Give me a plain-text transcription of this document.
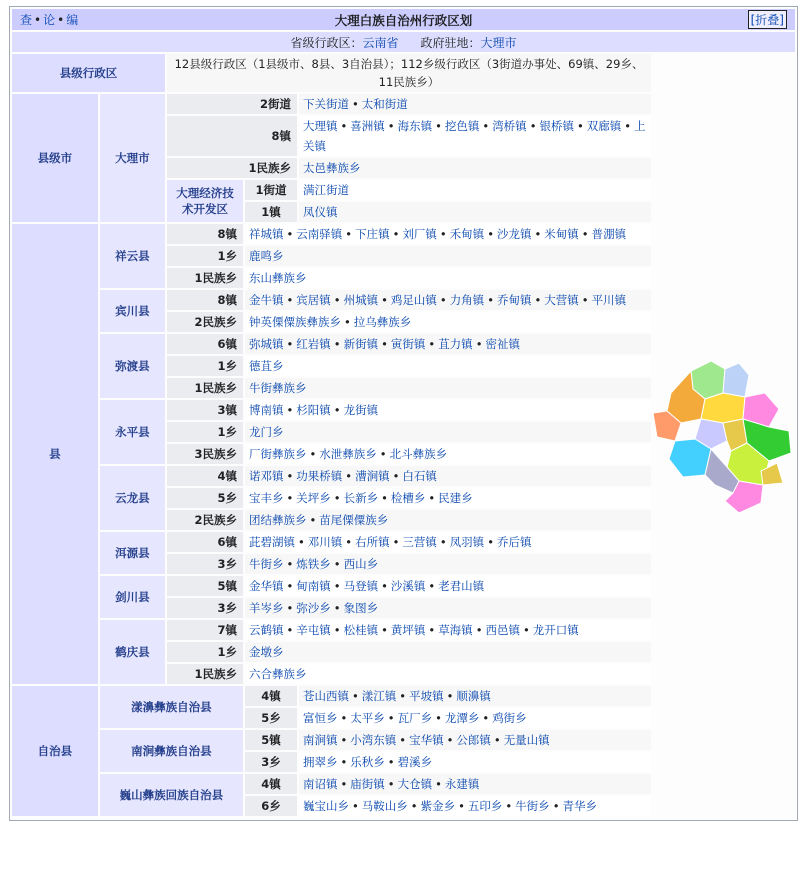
查 • 论 • 编	大理白族自治州行政区划	[折叠]
省级行政区： 云南省 政府驻地： 大理市
县级行政区		12县级行政区（1县级市、8县、3自治县）；112乡级行政区（3街道办事处、69镇、29乡、11民族乡）	

县级市	大理市	2街道		下关街道 • 太和街道	
		8镇		大理镇 • 喜洲镇 • 海东镇 • 挖色镇 • 湾桥镇 • 银桥镇 • 双廊镇 • 上关镇	
		1民族乡		太邑彝族乡	
		大理经济技术开发区	1街道	满江街道	
			1镇	凤仪镇	
县	祥云县	8镇	祥城镇 • 云南驿镇 • 下庄镇 • 刘厂镇 • 禾甸镇 • 沙龙镇 • 米甸镇 • 普淜镇		
		1乡	鹿鸣乡		
		1民族乡	东山彝族乡		
	宾川县	8镇	金牛镇 • 宾居镇 • 州城镇 • 鸡足山镇 • 力角镇 • 乔甸镇 • 大营镇 • 平川镇		
		2民族乡	钟英傈僳族彝族乡 • 拉乌彝族乡		
	弥渡县	6镇	弥城镇 • 红岩镇 • 新街镇 • 寅街镇 • 苴力镇 • 密祉镇		
		1乡	德苴乡		
		1民族乡	牛街彝族乡		
	永平县	3镇	博南镇 • 杉阳镇 • 龙街镇		
		1乡	龙门乡		
		3民族乡	厂街彝族乡 • 水泄彝族乡 • 北斗彝族乡		
	云龙县	4镇	诺邓镇 • 功果桥镇 • 漕涧镇 • 白石镇		
		5乡	宝丰乡 • 关坪乡 • 长新乡 • 检槽乡 • 民建乡		
		2民族乡	团结彝族乡 • 苗尾傈僳族乡		
	洱源县	6镇	茈碧湖镇 • 邓川镇 • 右所镇 • 三营镇 • 凤羽镇 • 乔后镇		
		3乡	牛街乡 • 炼铁乡 • 西山乡		
	剑川县	5镇	金华镇 • 甸南镇 • 马登镇 • 沙溪镇 • 老君山镇		
		3乡	羊岑乡 • 弥沙乡 • 象图乡		
	鹤庆县	7镇	云鹤镇 • 辛屯镇 • 松桂镇 • 黄坪镇 • 草海镇 • 西邑镇 • 龙开口镇		
		1乡	金墩乡		
		1民族乡	六合彝族乡		
自治县	漾濞彝族自治县		4镇	苍山西镇 • 漾江镇 • 平坡镇 • 顺濞镇	
			5乡	富恒乡 • 太平乡 • 瓦厂乡 • 龙潭乡 • 鸡街乡	
	南涧彝族自治县		5镇	南涧镇 • 小湾东镇 • 宝华镇 • 公郎镇 • 无量山镇	
			3乡	拥翠乡 • 乐秋乡 • 碧溪乡	
	巍山彝族回族自治县		4镇	南诏镇 • 庙街镇 • 大仓镇 • 永建镇	
			6乡	巍宝山乡 • 马鞍山乡 • 紫金乡 • 五印乡 • 牛街乡 • 青华乡	
